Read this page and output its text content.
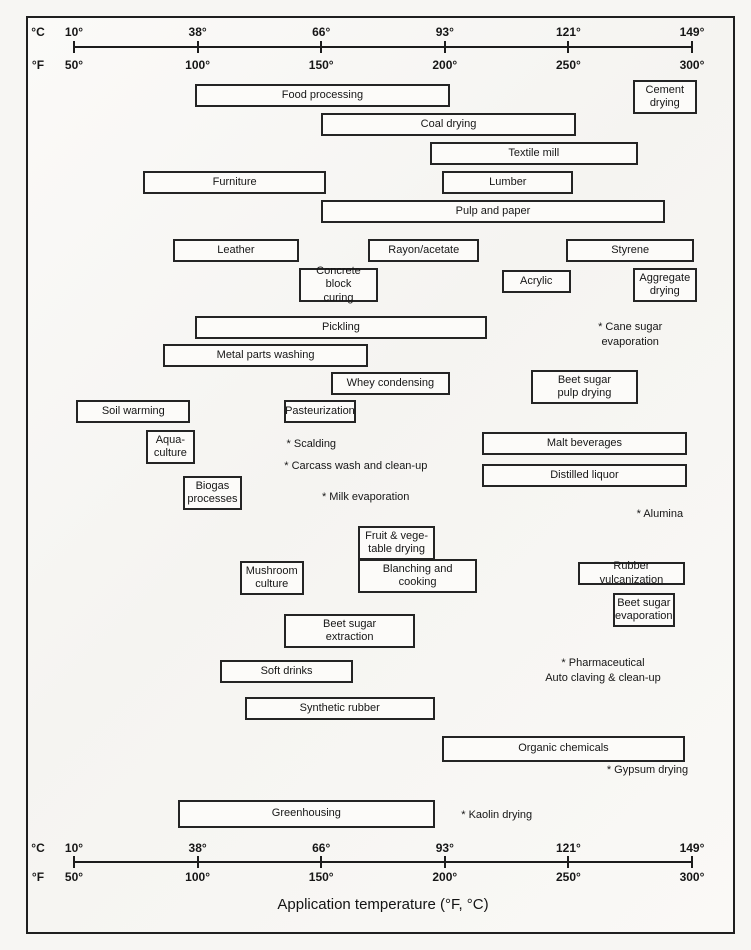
°C
°F
10°
50°
38°
100°
66°
150°
93°
200°
121°
250°
149°
300°
°C
°F
10°
50°
38°
100°
66°
150°
93°
200°
121°
250°
149°
300°
Food processing	Cement
drying
Coal drying
Textile mill
Furniture	Lumber
Pulp and paper
Leather	Rayon/acetate	Styrene
Concrete block
curing
Acrylic	Aggregate
drying
Pickling
Metal parts washing
Whey condensing	Beet sugar
pulp drying
Soil warming	Pasteurization
Aqua-
culture
Malt beverages
Distilled liquor
Biogas
processes
Fruit & vege-
table drying
Mushroom
culture
Blanching and
cooking
Rubber vulcanization
Beet sugar
evaporation
Beet sugar
extraction
Soft drinks
Synthetic rubber
Organic chemicals
Greenhousing
* Cane sugar
evaporation
* Scalding
* Carcass wash and clean-up
* Milk evaporation
* Alumina
* Pharmaceutical
Auto claving & clean-up
* Gypsum drying
* Kaolin drying
Application temperature (°F, °C)
